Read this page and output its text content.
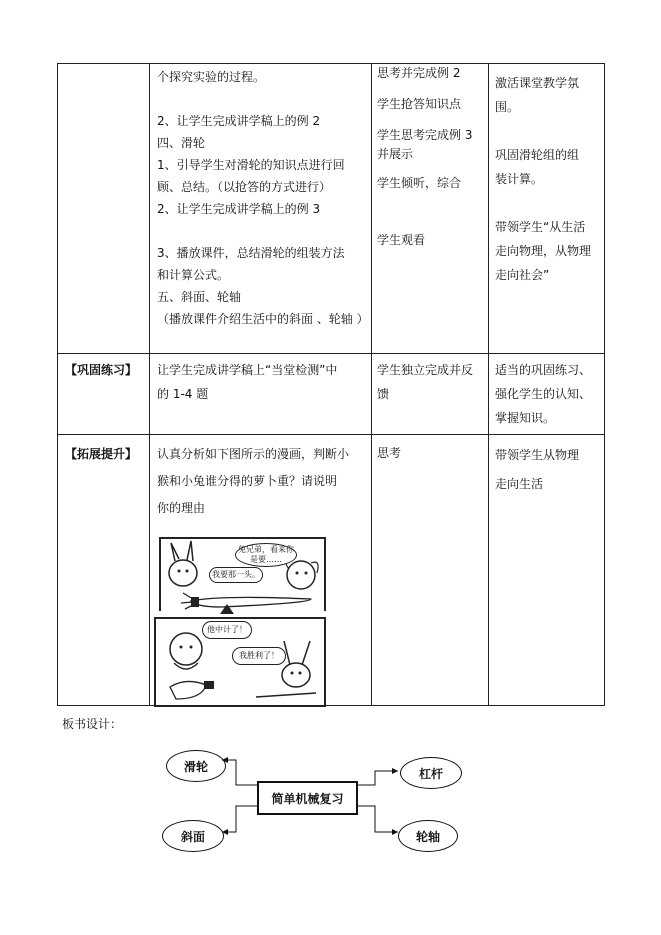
个探究实验的过程。

2、让学生完成讲学稿上的例 2

四、滑轮

1、引导学生对滑轮的知识点进行回

顾、总结。（以抢答的方式进行）

2、让学生完成讲学稿上的例 3

3、播放课件，总结滑轮的组装方法

和计算公式。

五、斜面、轮轴

（播放课件介绍生活中的斜面 、轮轴 ）

思考并完成例 2

学生抢答知识点

学生思考完成例 3

并展示

学生倾听，综合

学生观看

激活课堂教学氛

围。

巩固滑轮组的组

装计算。

带领学生“从生活

走向物理，从物理

走向社会”

【巩固练习】 让学生完成讲学稿上“当堂检测”中

的 1-4 题

学生独立完成并反

馈

适当的巩固练习、

强化学生的认知、

掌握知识。

【拓展提升】 认真分析如下图所示的漫画，判断小

猴和小兔谁分得的萝卜重？请说明

你的理由

思考	带领学生从物理

走向生活

兔兄弟，看来你是要……
我要那一头。
他中计了！
我胜利了！
板书设计：
简单机械复习
滑轮
斜面
杠杆
轮轴
